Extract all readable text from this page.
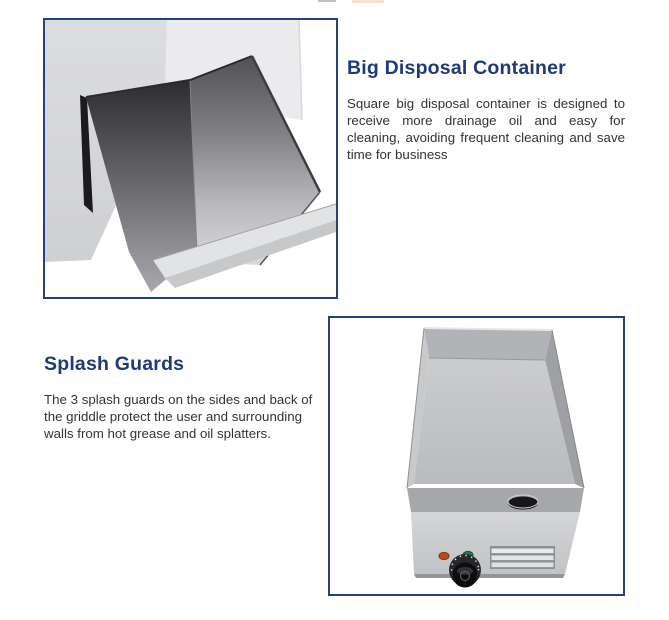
Big Disposal Container

Square big disposal container is designed to receive more drainage oil and easy for cleaning, avoiding frequent cleaning and save time for business

Splash Guards

The 3 splash guards on the sides and back of the griddle protect the user and surrounding walls from hot grease and oil splatters.
